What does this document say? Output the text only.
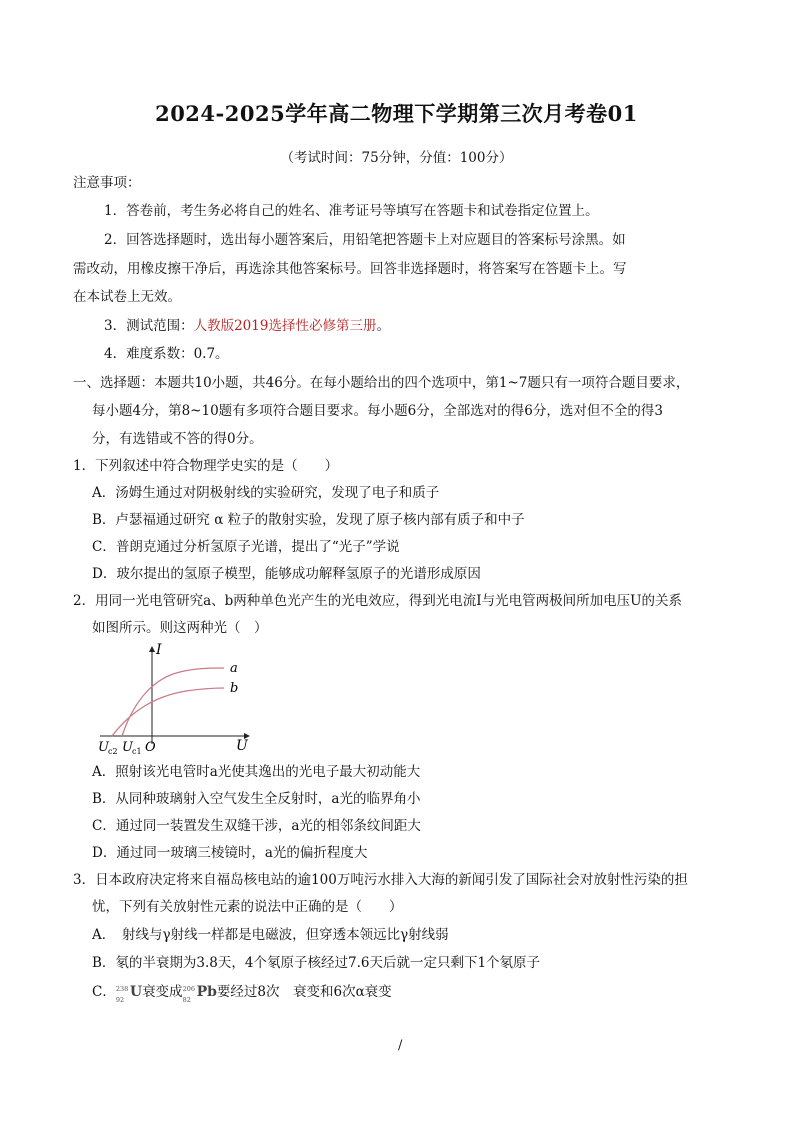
2024-2025学年高二物理下学期第三次月考卷01
（考试时间：75分钟，分值：100分）
注意事项：
1．答卷前，考生务必将自己的姓名、准考证号等填写在答题卡和试卷指定位置上。
2．回答选择题时，选出每小题答案后，用铅笔把答题卡上对应题目的答案标号涂黑。如
需改动，用橡皮擦干净后，再选涂其他答案标号。回答非选择题时，将答案写在答题卡上。写
在本试卷上无效。
3．测试范围：人教版2019选择性必修第三册。
4．难度系数：0.7。
一、选择题：本题共10小题，共46分。在每小题给出的四个选项中，第1~7题只有一项符合题目要求，
每小题4分，第8~10题有多项符合题目要求。每小题6分，全部选对的得6分，选对但不全的得3
分，有选错或不答的得0分。
1．下列叙述中符合物理学史实的是（　　）
A．汤姆生通过对阴极射线的实验研究，发现了电子和质子
B．卢瑟福通过研究 α 粒子的散射实验，发现了原子核内部有质子和中子
C．普朗克通过分析氢原子光谱，提出了“光子”学说
D．玻尔提出的氢原子模型，能够成功解释氢原子的光谱形成原因
2．用同一光电管研究a、b两种单色光产生的光电效应，得到光电流I与光电管两极间所加电压U的关系
如图所示。则这两种光（　）
I
U
a
b
U c2 U c1 O
A．照射该光电管时a光使其逸出的光电子最大初动能大
B．从同种玻璃射入空气发生全反射时，a光的临界角小
C．通过同一装置发生双缝干涉，a光的相邻条纹间距大
D．通过同一玻璃三棱镜时，a光的偏折程度大
3．日本政府决定将来自福岛核电站的逾100万吨污水排入大海的新闻引发了国际社会对放射性污染的担
忧，下列有关放射性元素的说法中正确的是（　　）
A．　射线与γ射线一样都是电磁波，但穿透本领远比γ射线弱
B．氡的半衰期为3.8天，4个氡原子核经过7.6天后就一定只剩下1个氡原子
C． 238
92 U衰变成 206
82 Pb要经过8次　衰变和6次α衰变
/
